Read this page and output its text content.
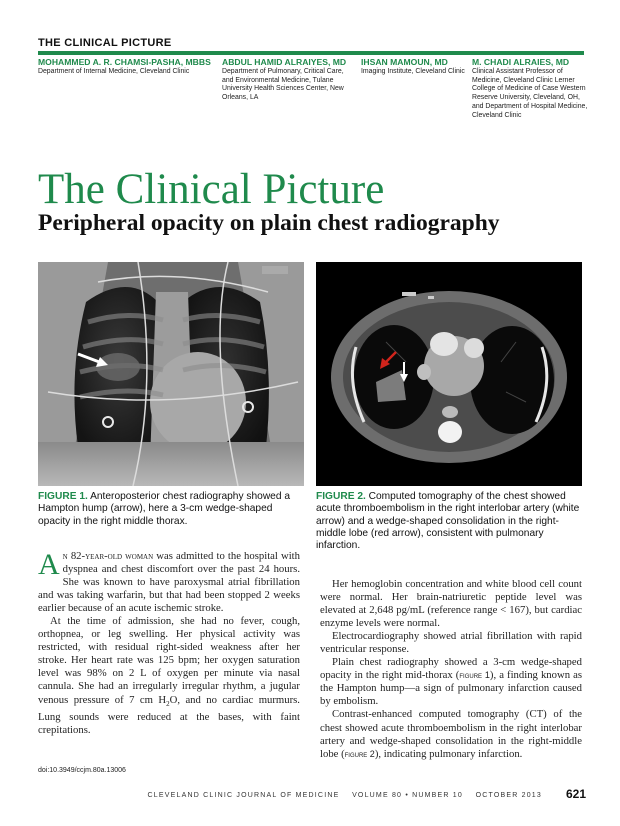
THE CLINICAL PICTURE
MOHAMMED A. R. CHAMSI-PASHA, MBBS
Department of Internal Medicine, Cleveland Clinic
ABDUL HAMID ALRAIYES, MD
Department of Pulmonary, Critical Care, and Environmental Medicine, Tulane University Health Sciences Center, New Orleans, LA
IHSAN MAMOUN, MD
Imaging Institute, Cleveland Clinic
M. CHADI ALRAIES, MD
Clinical Assistant Professor of Medicine, Cleveland Clinic Lerner College of Medicine of Case Western Reserve University, Cleveland, OH, and Department of Hospital Medicine, Cleveland Clinic
The Clinical Picture
Peripheral opacity on plain chest radiography
FIGURE 1. Anteroposterior chest radiography showed a Hampton hump (arrow), here a 3-cm wedge-shaped opacity in the right middle thorax.
FIGURE 2. Computed tomography of the chest showed acute thromboembolism in the right interlobar artery (white arrow) and a wedge-shaped consolidation in the right-middle lobe (red arrow), consistent with pulmonary infarction.

An 82-year-old woman was admitted to the hospital with dyspnea and chest discomfort over the past 24 hours. She was known to have paroxysmal atrial fibrillation and was taking warfarin, but that had been stopped 2 weeks earlier because of an acute ischemic stroke.

At the time of admission, she had no fever, cough, orthopnea, or leg swelling. Her physical activity was restricted, with residual right-sided weakness after her stroke. Her heart rate was 125 bpm; her oxygen saturation level was 98% on 2 L of oxygen per minute via nasal cannula. She had an irregularly irregular rhythm, a jugular venous pressure of 7 cm $H_2O$, and no cardiac murmurs. Lung sounds were reduced at the bases, with faint crepitations.

Her hemoglobin concentration and white blood cell count were normal. Her brain-natriuretic peptide level was elevated at 2,648 pg/mL (reference range < 167), but cardiac enzyme levels were normal.

Electrocardiography showed atrial fibrillation with rapid ventricular response.

Plain chest radiography showed a 3-cm wedge-shaped opacity in the right mid-thorax (figure 1), a finding known as the Hampton hump—a sign of pulmonary infarction caused by embolism.

Contrast-enhanced computed tomography (CT) of the chest showed acute thromboembolism in the right interlobar artery and wedge-shaped consolidation in the right-middle lobe (figure 2), indicating pulmonary infarction.

doi:10.3949/ccjm.80a.13006
CLEVELAND CLINIC JOURNAL OF MEDICINE VOLUME 80 • NUMBER 10 OCTOBER 2013 621
